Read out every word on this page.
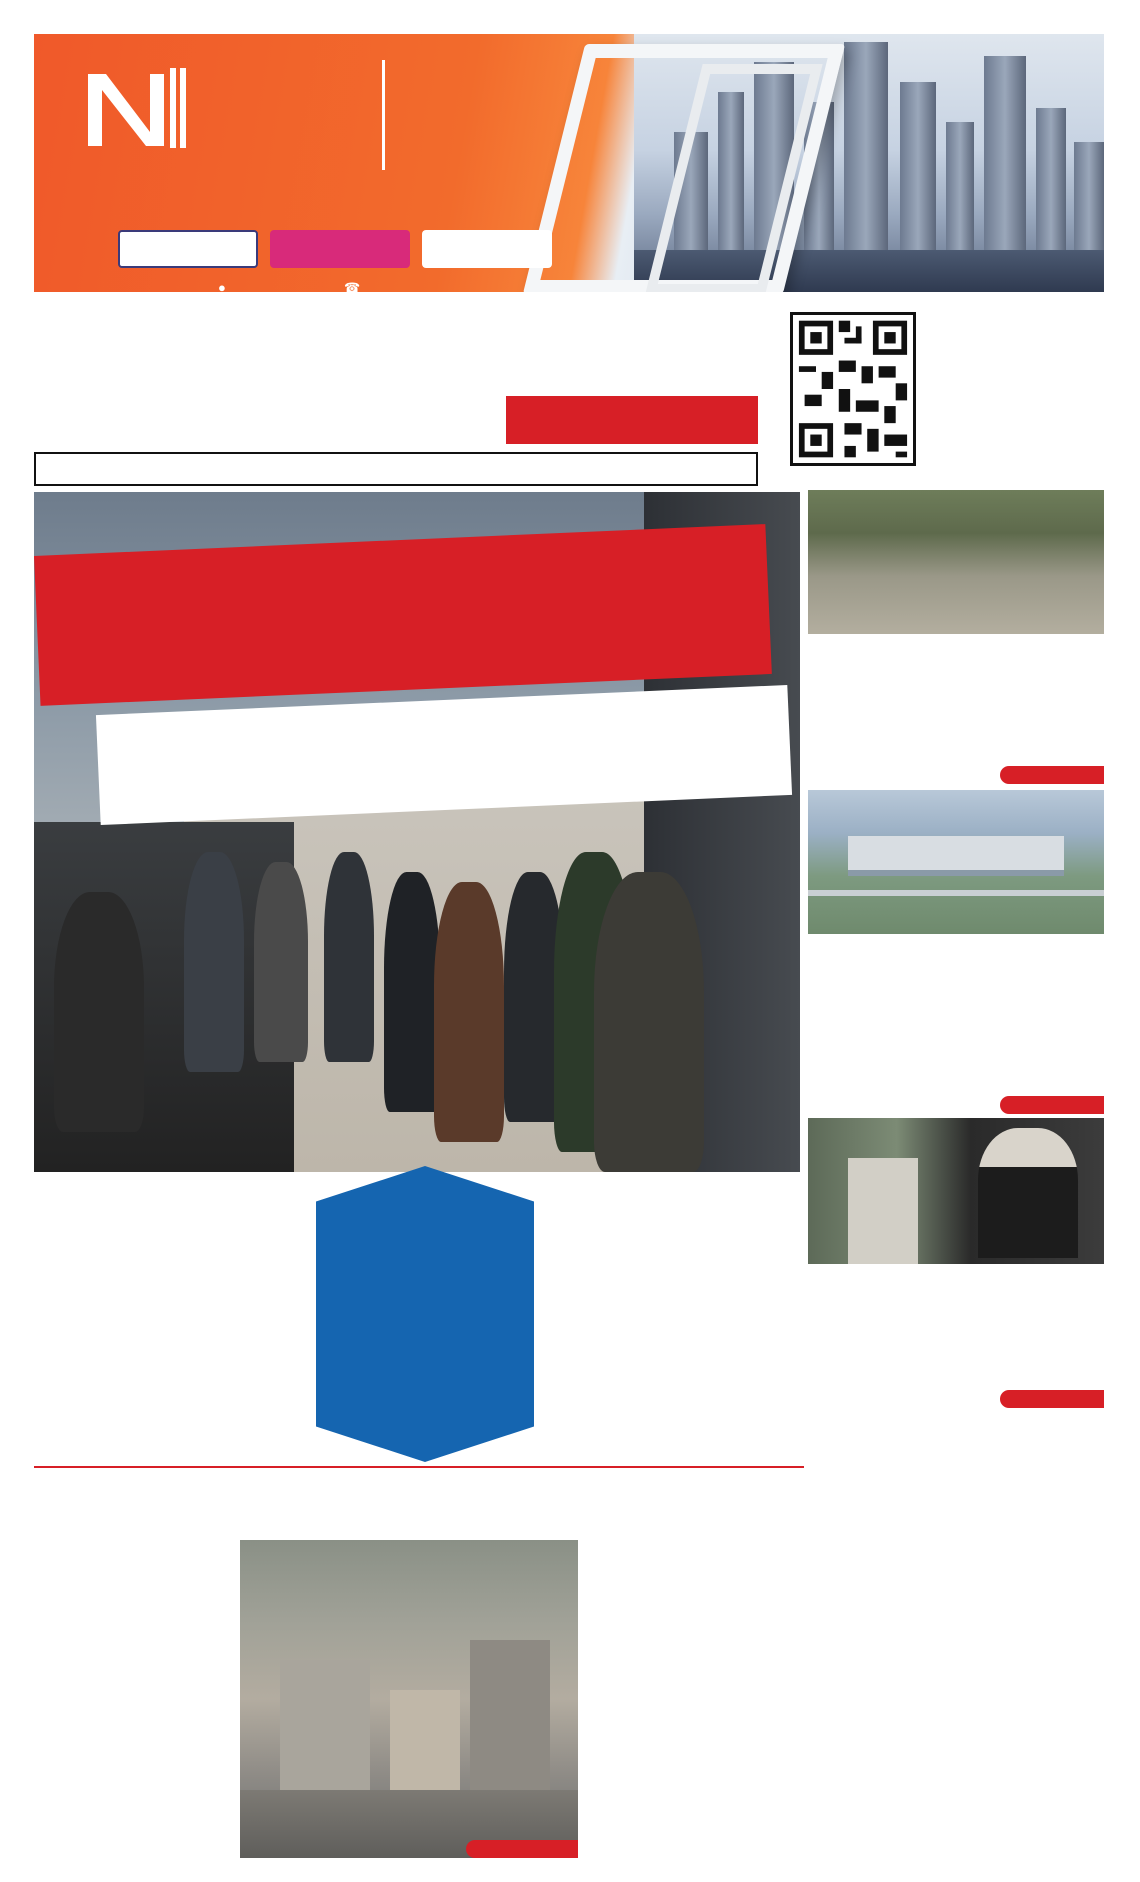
●	☎
